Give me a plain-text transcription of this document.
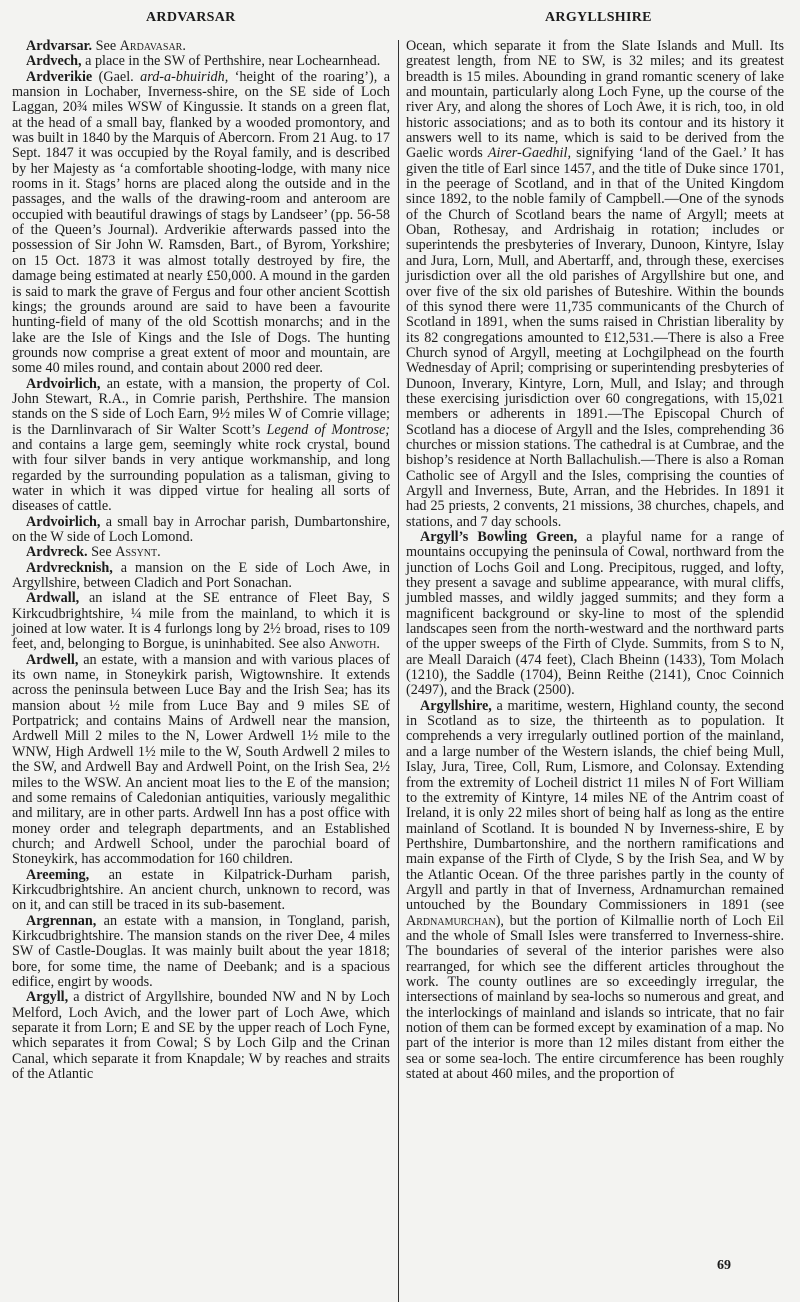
ARDVARSAR	ARGYLLSHIRE

Ardvarsar. See Ardavasar.

Ardvech, a place in the SW of Perthshire, near Lochearnhead.

Ardverikie (Gael. ard-a-bhuiridh, ‘height of the roaring’), a mansion in Lochaber, Inverness-shire, on the SE side of Loch Laggan, 20¾ miles WSW of Kingussie. It stands on a green flat, at the head of a small bay, flanked by a wooded promontory, and was built in 1840 by the Marquis of Abercorn. From 21 Aug. to 17 Sept. 1847 it was occupied by the Royal family, and is described by her Majesty as ‘a comfortable shooting-lodge, with many nice rooms in it. Stags’ horns are placed along the outside and in the passages, and the walls of the drawing-room and anteroom are occupied with beautiful drawings of stags by Landseer’ (pp. 56-58 of the Queen’s Journal). Ardverikie afterwards passed into the possession of Sir John W. Ramsden, Bart., of Byrom, Yorkshire; on 15 Oct. 1873 it was almost totally destroyed by fire, the damage being estimated at nearly £50,000. A mound in the garden is said to mark the grave of Fergus and four other ancient Scottish kings; the grounds around are said to have been a favourite hunting-field of many of the old Scottish monarchs; and in the lake are the Isle of Kings and the Isle of Dogs. The hunting grounds now comprise a great extent of moor and mountain, are some 40 miles round, and contain about 2000 red deer.

Ardvoirlich, an estate, with a mansion, the property of Col. John Stewart, R.A., in Comrie parish, Perthshire. The mansion stands on the S side of Loch Earn, 9½ miles W of Comrie village; is the Darnlinvarach of Sir Walter Scott’s Legend of Montrose; and contains a large gem, seemingly white rock crystal, bound with four silver bands in very antique workmanship, and long regarded by the surrounding population as a talisman, giving to water in which it was dipped virtue for healing all sorts of diseases of cattle.

Ardvoirlich, a small bay in Arrochar parish, Dumbartonshire, on the W side of Loch Lomond.

Ardvreck. See Assynt.

Ardvrecknish, a mansion on the E side of Loch Awe, in Argyllshire, between Cladich and Port Sonachan.

Ardwall, an island at the SE entrance of Fleet Bay, S Kirkcudbrightshire, ¼ mile from the mainland, to which it is joined at low water. It is 4 furlongs long by 2½ broad, rises to 109 feet, and, belonging to Borgue, is uninhabited. See also Anwoth.

Ardwell, an estate, with a mansion and with various places of its own name, in Stoneykirk parish, Wigtownshire. It extends across the peninsula between Luce Bay and the Irish Sea; has its mansion about ½ mile from Luce Bay and 9 miles SE of Portpatrick; and contains Mains of Ardwell near the mansion, Ardwell Mill 2 miles to the N, Lower Ardwell 1½ mile to the WNW, High Ardwell 1½ mile to the W, South Ardwell 2 miles to the SW, and Ardwell Bay and Ardwell Point, on the Irish Sea, 2½ miles to the WSW. An ancient moat lies to the E of the mansion; and some remains of Caledonian antiquities, variously megalithic and military, are in other parts. Ardwell Inn has a post office with money order and telegraph departments, and an Established church; and Ardwell School, under the parochial board of Stoneykirk, has accommodation for 160 children.

Areeming, an estate in Kilpatrick-Durham parish, Kirkcudbrightshire. An ancient church, unknown to record, was on it, and can still be traced in its sub-basement.

Argrennan, an estate with a mansion, in Tongland, parish, Kirkcudbrightshire. The mansion stands on the river Dee, 4 miles SW of Castle-Douglas. It was mainly built about the year 1818; bore, for some time, the name of Deebank; and is a spacious edifice, engirt by woods.

Argyll, a district of Argyllshire, bounded NW and N by Loch Melford, Loch Avich, and the lower part of Loch Awe, which separate it from Lorn; E and SE by the upper reach of Loch Fyne, which separates it from Cowal; S by Loch Gilp and the Crinan Canal, which separate it from Knapdale; W by reaches and straits of the Atlantic

Ocean, which separate it from the Slate Islands and Mull. Its greatest length, from NE to SW, is 32 miles; and its greatest breadth is 15 miles. Abounding in grand romantic scenery of lake and mountain, particularly along Loch Fyne, up the course of the river Ary, and along the shores of Loch Awe, it is rich, too, in old historic associations; and as to both its contour and its history it answers well to its name, which is said to be derived from the Gaelic words Airer-Gaedhil, signifying ‘land of the Gael.’ It has given the title of Earl since 1457, and the title of Duke since 1701, in the peerage of Scotland, and in that of the United Kingdom since 1892, to the noble family of Campbell.—One of the synods of the Church of Scotland bears the name of Argyll; meets at Oban, Rothesay, and Ardrishaig in rotation; includes or superintends the presbyteries of Inverary, Dunoon, Kintyre, Islay and Jura, Lorn, Mull, and Abertarff, and, through these, exercises jurisdiction over all the old parishes of Argyllshire but one, and over five of the six old parishes of Buteshire. Within the bounds of this synod there were 11,735 communicants of the Church of Scotland in 1891, when the sums raised in Christian liberality by its 82 congregations amounted to £12,531.—There is also a Free Church synod of Argyll, meeting at Lochgilphead on the fourth Wednesday of April; comprising or superintending presbyteries of Dunoon, Inverary, Kintyre, Lorn, Mull, and Islay; and through these exercising jurisdiction over 60 congregations, with 15,021 members or adherents in 1891.—The Episcopal Church of Scotland has a diocese of Argyll and the Isles, comprehending 36 churches or mission stations. The cathedral is at Cumbrae, and the bishop’s residence at North Ballachulish.—There is also a Roman Catholic see of Argyll and the Isles, comprising the counties of Argyll and Inverness, Bute, Arran, and the Hebrides. In 1891 it had 25 priests, 2 convents, 21 missions, 38 churches, chapels, and stations, and 7 day schools.

Argyll’s Bowling Green, a playful name for a range of mountains occupying the peninsula of Cowal, northward from the junction of Lochs Goil and Long. Precipitous, rugged, and lofty, they present a savage and sublime appearance, with mural cliffs, jumbled masses, and wildly jagged summits; and they form a magnificent background or sky-line to most of the splendid landscapes seen from the north-westward and the northward parts of the upper sweeps of the Firth of Clyde. Summits, from S to N, are Meall Daraich (474 feet), Clach Bheinn (1433), Tom Molach (1210), the Saddle (1704), Beinn Reithe (2141), Cnoc Coinnich (2497), and the Brack (2500).

Argyllshire, a maritime, western, Highland county, the second in Scotland as to size, the thirteenth as to population. It comprehends a very irregularly outlined portion of the mainland, and a large number of the Western islands, the chief being Mull, Islay, Jura, Tiree, Coll, Rum, Lismore, and Colonsay. Extending from the extremity of Locheil district 11 miles N of Fort William to the extremity of Kintyre, 14 miles NE of the Antrim coast of Ireland, it is only 22 miles short of being half as long as the entire mainland of Scotland. It is bounded N by Inverness-shire, E by Perthshire, Dumbartonshire, and the northern ramifications and main expanse of the Firth of Clyde, S by the Irish Sea, and W by the Atlantic Ocean. Of the three parishes partly in the county of Argyll and partly in that of Inverness, Ardnamurchan remained untouched by the Boundary Commissioners in 1891 (see Ardnamurchan), but the portion of Kilmallie north of Loch Eil and the whole of Small Isles were transferred to Inverness-shire. The boundaries of several of the interior parishes were also rearranged, for which see the different articles throughout the work. The county outlines are so exceedingly irregular, the intersections of mainland by sea-lochs so numerous and great, and the interlockings of mainland and islands so intricate, that no fair notion of them can be formed except by examination of a map. No part of the interior is more than 12 miles distant from either the sea or some sea-loch. The entire circumference has been roughly stated at about 460 miles, and the proportion of

69
